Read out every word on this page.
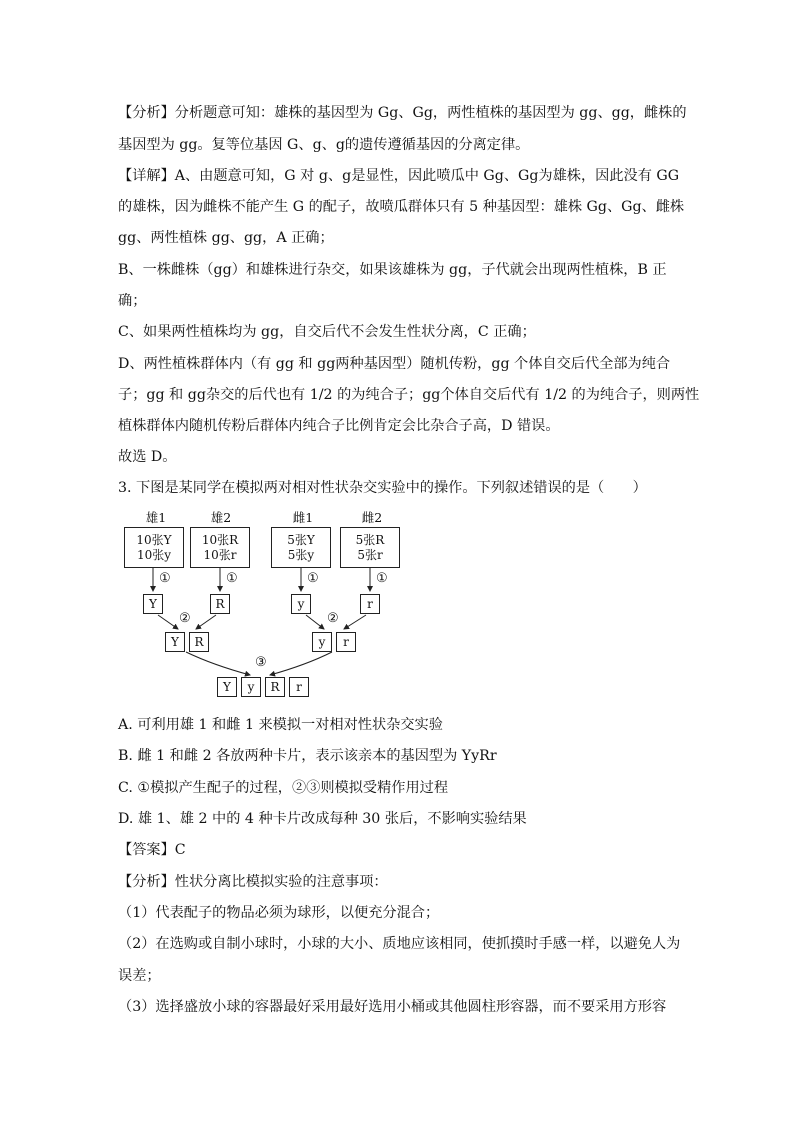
【分析】分析题意可知：雄株的基因型为 Gg、Gg，两性植株的基因型为 gg、gg，雌株的
基因型为 gg。复等位基因 G、g、g的遗传遵循基因的分离定律。
【详解】A、由题意可知，G 对 g、g是显性，因此喷瓜中 Gg、Gg为雄株，因此没有 GG
的雄株，因为雌株不能产生 G 的配子，故喷瓜群体只有 5 种基因型：雄株 Gg、Gg、雌株
gg、两性植株 gg、gg，A 正确；
B、一株雌株（gg）和雄株进行杂交，如果该雄株为 gg，子代就会出现两性植株，B 正
确；
C、如果两性植株均为 gg，自交后代不会发生性状分离，C 正确；
D、两性植株群体内（有 gg 和 gg两种基因型）随机传粉，gg 个体自交后代全部为纯合
子；gg 和 gg杂交的后代也有 1/2 的为纯合子；gg个体自交后代有 1/2 的为纯合子，则两性
植株群体内随机传粉后群体内纯合子比例肯定会比杂合子高，D 错误。
故选 D。
3. 下图是某同学在模拟两对相对性状杂交实验中的操作。下列叙述错误的是（　　）
雄1	雄2	雌1	雌2
10张Y
10张y
10张R
10张r
5张Y
5张y
5张R
5张r
①	①	①	①
Y	R	y	r
②	②
Y	R	y	r
③
Y	y	R	r
A. 可利用雄 1 和雌 1 来模拟一对相对性状杂交实验
B. 雌 1 和雌 2 各放两种卡片，表示该亲本的基因型为 YyRr
C. ①模拟产生配子的过程，②③则模拟受精作用过程
D. 雄 1、雄 2 中的 4 种卡片改成每种 30 张后，不影响实验结果
【答案】C
【分析】性状分离比模拟实验的注意事项：
（1）代表配子的物品必须为球形，以便充分混合；
（2）在选购或自制小球时，小球的大小、质地应该相同，使抓摸时手感一样，以避免人为
误差；
（3）选择盛放小球的容器最好采用最好选用小桶或其他圆柱形容器，而不要采用方形容
